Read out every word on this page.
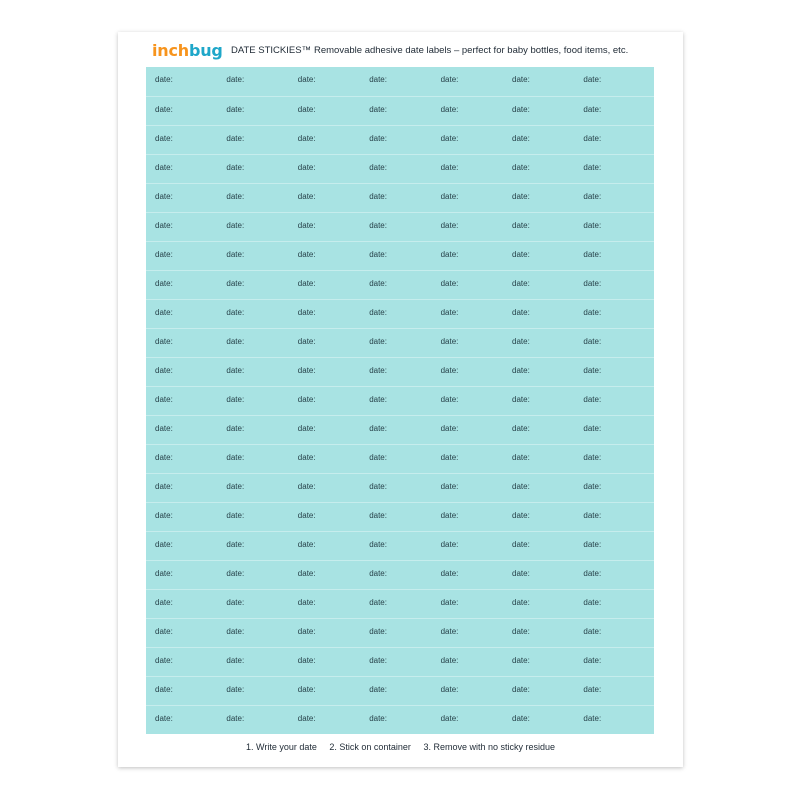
inchbug DATE STICKIES™ Removable adhesive date labels – perfect for baby bottles, food items, etc.
date:	date:	date:	date:	date:	date:	date:
date:	date:	date:	date:	date:	date:	date:
date:	date:	date:	date:	date:	date:	date:
date:	date:	date:	date:	date:	date:	date:
date:	date:	date:	date:	date:	date:	date:
date:	date:	date:	date:	date:	date:	date:
date:	date:	date:	date:	date:	date:	date:
date:	date:	date:	date:	date:	date:	date:
date:	date:	date:	date:	date:	date:	date:
date:	date:	date:	date:	date:	date:	date:
date:	date:	date:	date:	date:	date:	date:
date:	date:	date:	date:	date:	date:	date:
date:	date:	date:	date:	date:	date:	date:
date:	date:	date:	date:	date:	date:	date:
date:	date:	date:	date:	date:	date:	date:
date:	date:	date:	date:	date:	date:	date:
date:	date:	date:	date:	date:	date:	date:
date:	date:	date:	date:	date:	date:	date:
date:	date:	date:	date:	date:	date:	date:
date:	date:	date:	date:	date:	date:	date:
date:	date:	date:	date:	date:	date:	date:
date:	date:	date:	date:	date:	date:	date:
date:	date:	date:	date:	date:	date:	date:
1. Write your date 2. Stick on container 3. Remove with no sticky residue
